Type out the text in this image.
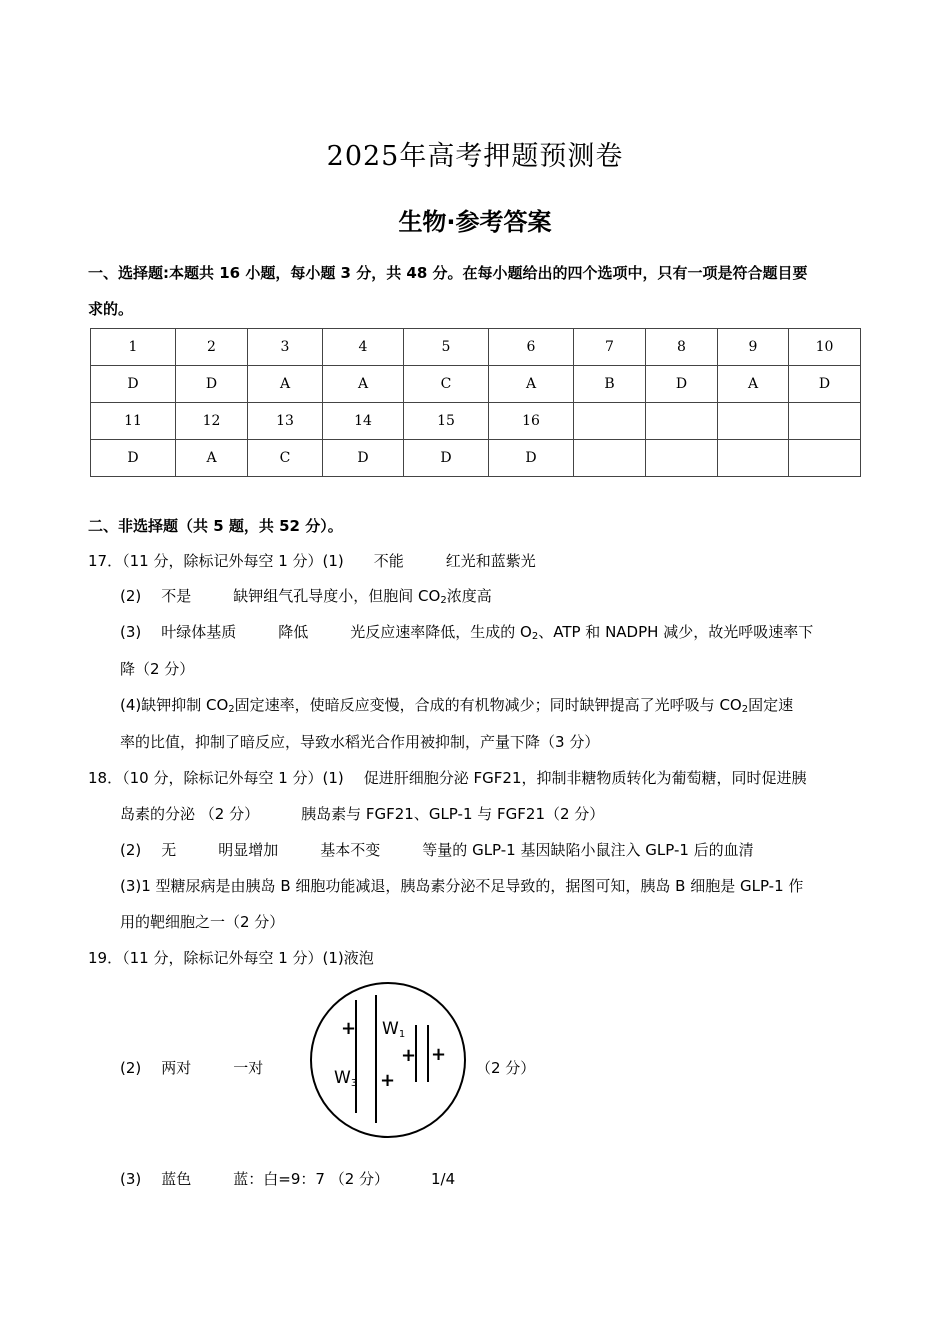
2025年高考押题预测卷
生物·参考答案
一、选择题:本题共 16 小题，每小题 3 分，共 48 分。在每小题给出的四个选项中，只有一项是符合题目要
求的。
1	2	3	4	5	6	7	8	9	10
D	D	A	A	C	A	B	D	A	D
11	12	13	14	15	16				
D	A	C	D	D	D				
二、非选择题（共 5 题，共 52 分）。
17．（11 分，除标记外每空 1 分）(1) 不能	红光和蓝紫光
(2) 不是	缺钾组气孔导度小，但胞间 $CO_2$浓度高
(3) 叶绿体基质	降低	光反应速率降低，生成的 $O_2$、ATP 和 NADPH 减少，故光呼吸速率下
降（2 分）
(4)缺钾抑制 $CO_2$固定速率，使暗反应变慢，合成的有机物减少；同时缺钾提高了光呼吸与 $CO_2$固定速
率的比值，抑制了暗反应，导致水稻光合作用被抑制，产量下降（3 分）
18．（10 分，除标记外每空 1 分）(1) 促进肝细胞分泌 FGF21，抑制非糖物质转化为葡萄糖，同时促进胰
岛素的分泌 （2 分）	胰岛素与 FGF21、GLP-1 与 FGF21（2 分）
(2) 无	明显增加	基本不变	等量的 GLP-1 基因缺陷小鼠注入 GLP-1 后的血清
(3)1 型糖尿病是由胰岛 B 细胞功能减退，胰岛素分泌不足导致的，据图可知，胰岛 B 细胞是 GLP-1 作
用的靶细胞之一（2 分）
19．（11 分，除标记外每空 1 分）(1)液泡
(2) 两对	一对
+ W1
+ +
W3 +
（2 分）
(3) 蓝色	蓝：白=9：7 （2 分）	1/4
